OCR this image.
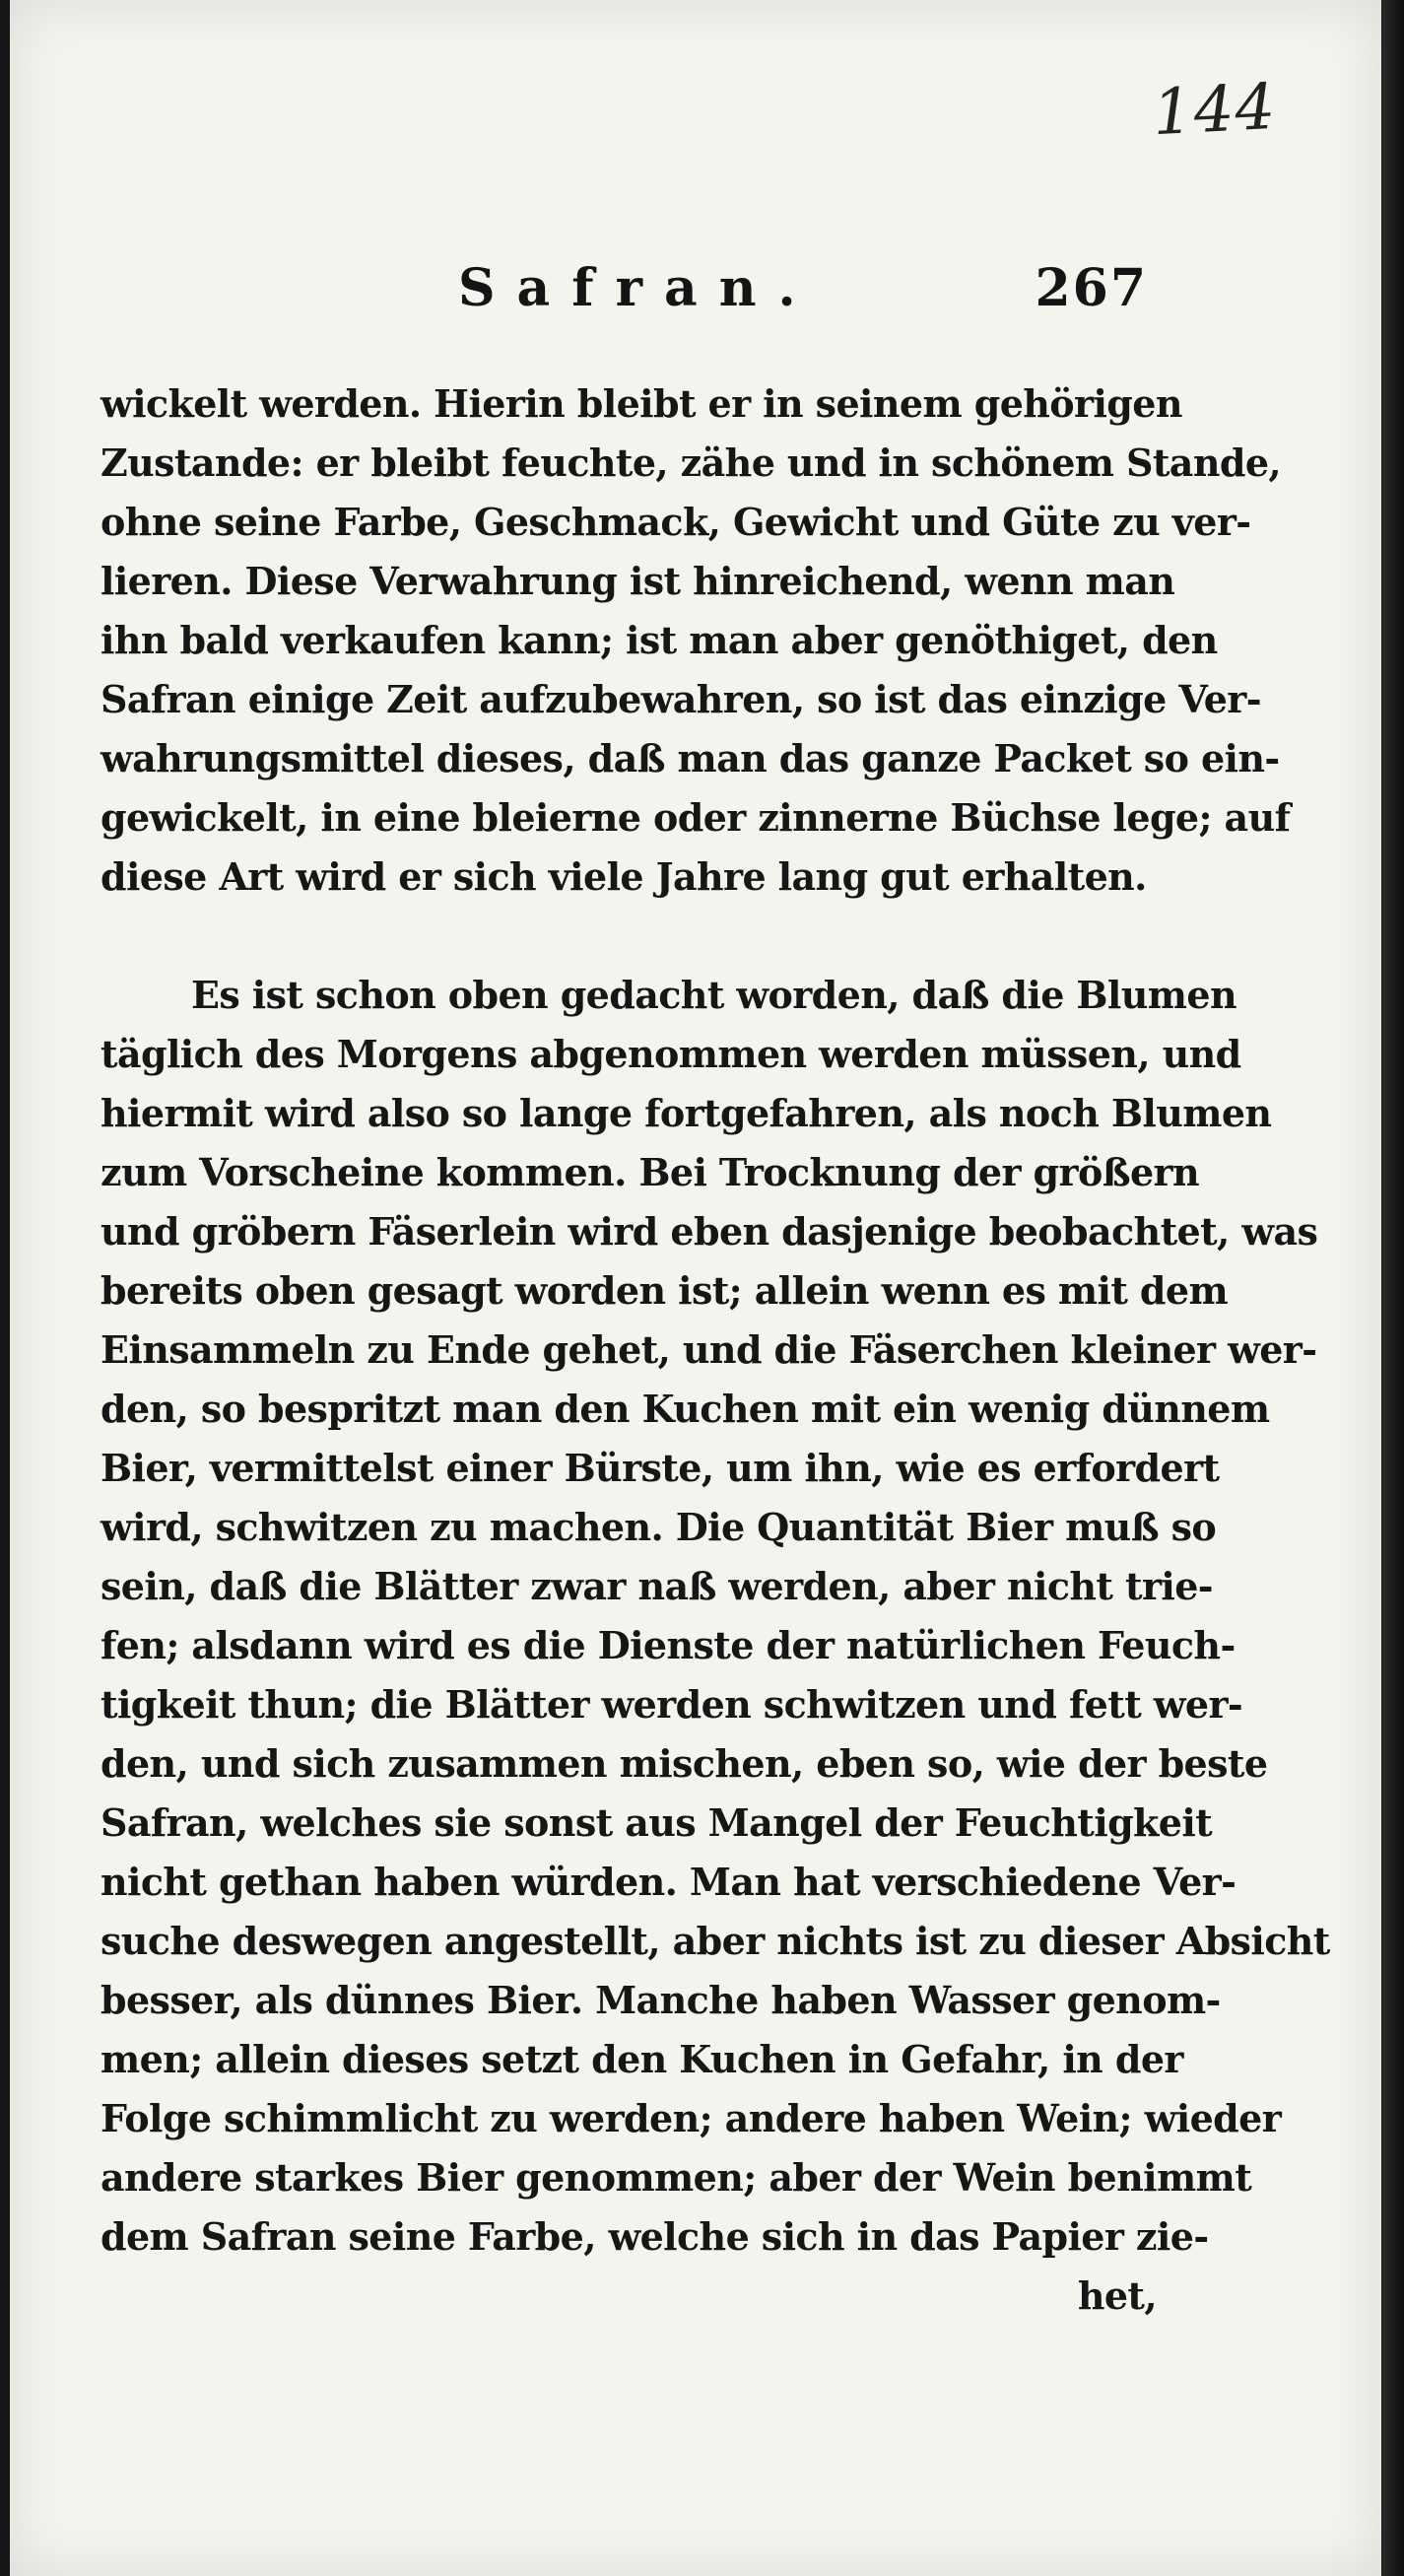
144
Safran.	267
wickelt werden. Hierin bleibt er in seinem gehörigen
Zustande: er bleibt feuchte, zähe und in schönem Stande,
ohne seine Farbe, Geschmack, Gewicht und Güte zu ver-
lieren. Diese Verwahrung ist hinreichend, wenn man
ihn bald verkaufen kann; ist man aber genöthiget, den
Safran einige Zeit aufzubewahren, so ist das einzige Ver-
wahrungsmittel dieses, daß man das ganze Packet so ein-
gewickelt, in eine bleierne oder zinnerne Büchse lege; auf
diese Art wird er sich viele Jahre lang gut erhalten.
Es ist schon oben gedacht worden, daß die Blumen
täglich des Morgens abgenommen werden müssen, und
hiermit wird also so lange fortgefahren, als noch Blumen
zum Vorscheine kommen. Bei Trocknung der größern
und gröbern Fäserlein wird eben dasjenige beobachtet, was
bereits oben gesagt worden ist; allein wenn es mit dem
Einsammeln zu Ende gehet, und die Fäserchen kleiner wer-
den, so bespritzt man den Kuchen mit ein wenig dünnem
Bier, vermittelst einer Bürste, um ihn, wie es erfordert
wird, schwitzen zu machen. Die Quantität Bier muß so
sein, daß die Blätter zwar naß werden, aber nicht trie-
fen; alsdann wird es die Dienste der natürlichen Feuch-
tigkeit thun; die Blätter werden schwitzen und fett wer-
den, und sich zusammen mischen, eben so, wie der beste
Safran, welches sie sonst aus Mangel der Feuchtigkeit
nicht gethan haben würden. Man hat verschiedene Ver-
suche deswegen angestellt, aber nichts ist zu dieser Absicht
besser, als dünnes Bier. Manche haben Wasser genom-
men; allein dieses setzt den Kuchen in Gefahr, in der
Folge schimmlicht zu werden; andere haben Wein; wieder
andere starkes Bier genommen; aber der Wein benimmt
dem Safran seine Farbe, welche sich in das Papier zie-
het,
